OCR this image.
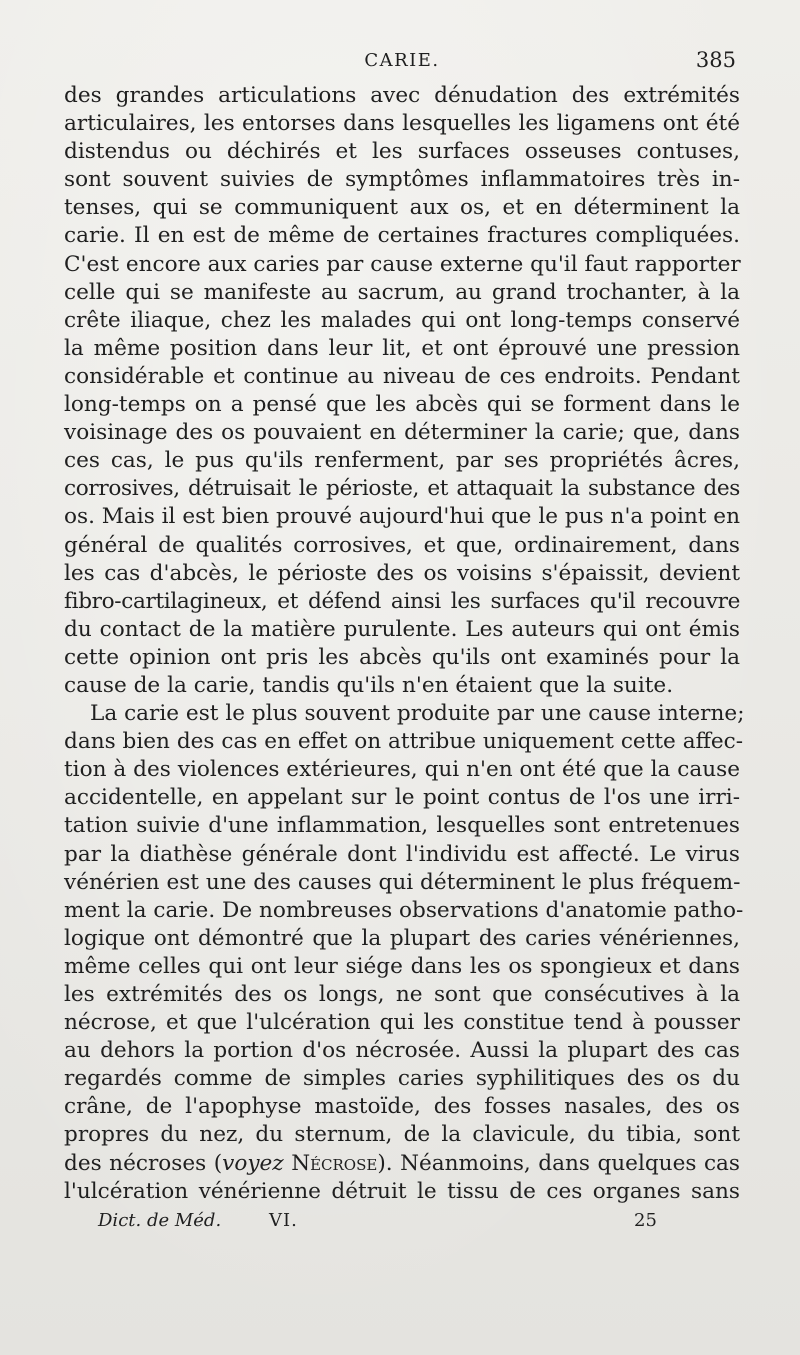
CARIE.	385
des grandes articulations avec dénudation des extrémités
articulaires, les entorses dans lesquelles les ligamens ont été
distendus ou déchirés et les surfaces osseuses contuses,
sont souvent suivies de symptômes inflammatoires très in-
tenses, qui se communiquent aux os, et en déterminent la
carie. Il en est de même de certaines fractures compliquées.
C'est encore aux caries par cause externe qu'il faut rapporter
celle qui se manifeste au sacrum, au grand trochanter, à la
crête iliaque, chez les malades qui ont long-temps conservé
la même position dans leur lit, et ont éprouvé une pression
considérable et continue au niveau de ces endroits. Pendant
long-temps on a pensé que les abcès qui se forment dans le
voisinage des os pouvaient en déterminer la carie; que, dans
ces cas, le pus qu'ils renferment, par ses propriétés âcres,
corrosives, détruisait le périoste, et attaquait la substance des
os. Mais il est bien prouvé aujourd'hui que le pus n'a point en
général de qualités corrosives, et que, ordinairement, dans
les cas d'abcès, le périoste des os voisins s'épaissit, devient
fibro-cartilagineux, et défend ainsi les surfaces qu'il recouvre
du contact de la matière purulente. Les auteurs qui ont émis
cette opinion ont pris les abcès qu'ils ont examinés pour la
cause de la carie, tandis qu'ils n'en étaient que la suite.
La carie est le plus souvent produite par une cause interne;
dans bien des cas en effet on attribue uniquement cette affec-
tion à des violences extérieures, qui n'en ont été que la cause
accidentelle, en appelant sur le point contus de l'os une irri-
tation suivie d'une inflammation, lesquelles sont entretenues
par la diathèse générale dont l'individu est affecté. Le virus
vénérien est une des causes qui déterminent le plus fréquem-
ment la carie. De nombreuses observations d'anatomie patho-
logique ont démontré que la plupart des caries vénériennes,
même celles qui ont leur siége dans les os spongieux et dans
les extrémités des os longs, ne sont que consécutives à la
nécrose, et que l'ulcération qui les constitue tend à pousser
au dehors la portion d'os nécrosée. Aussi la plupart des cas
regardés comme de simples caries syphilitiques des os du
crâne, de l'apophyse mastoïde, des fosses nasales, des os
propres du nez, du sternum, de la clavicule, du tibia, sont
des nécroses (voyez Nécrose). Néanmoins, dans quelques cas
l'ulcération vénérienne détruit le tissu de ces organes sans
Dict. de Méd.	VI.	25
